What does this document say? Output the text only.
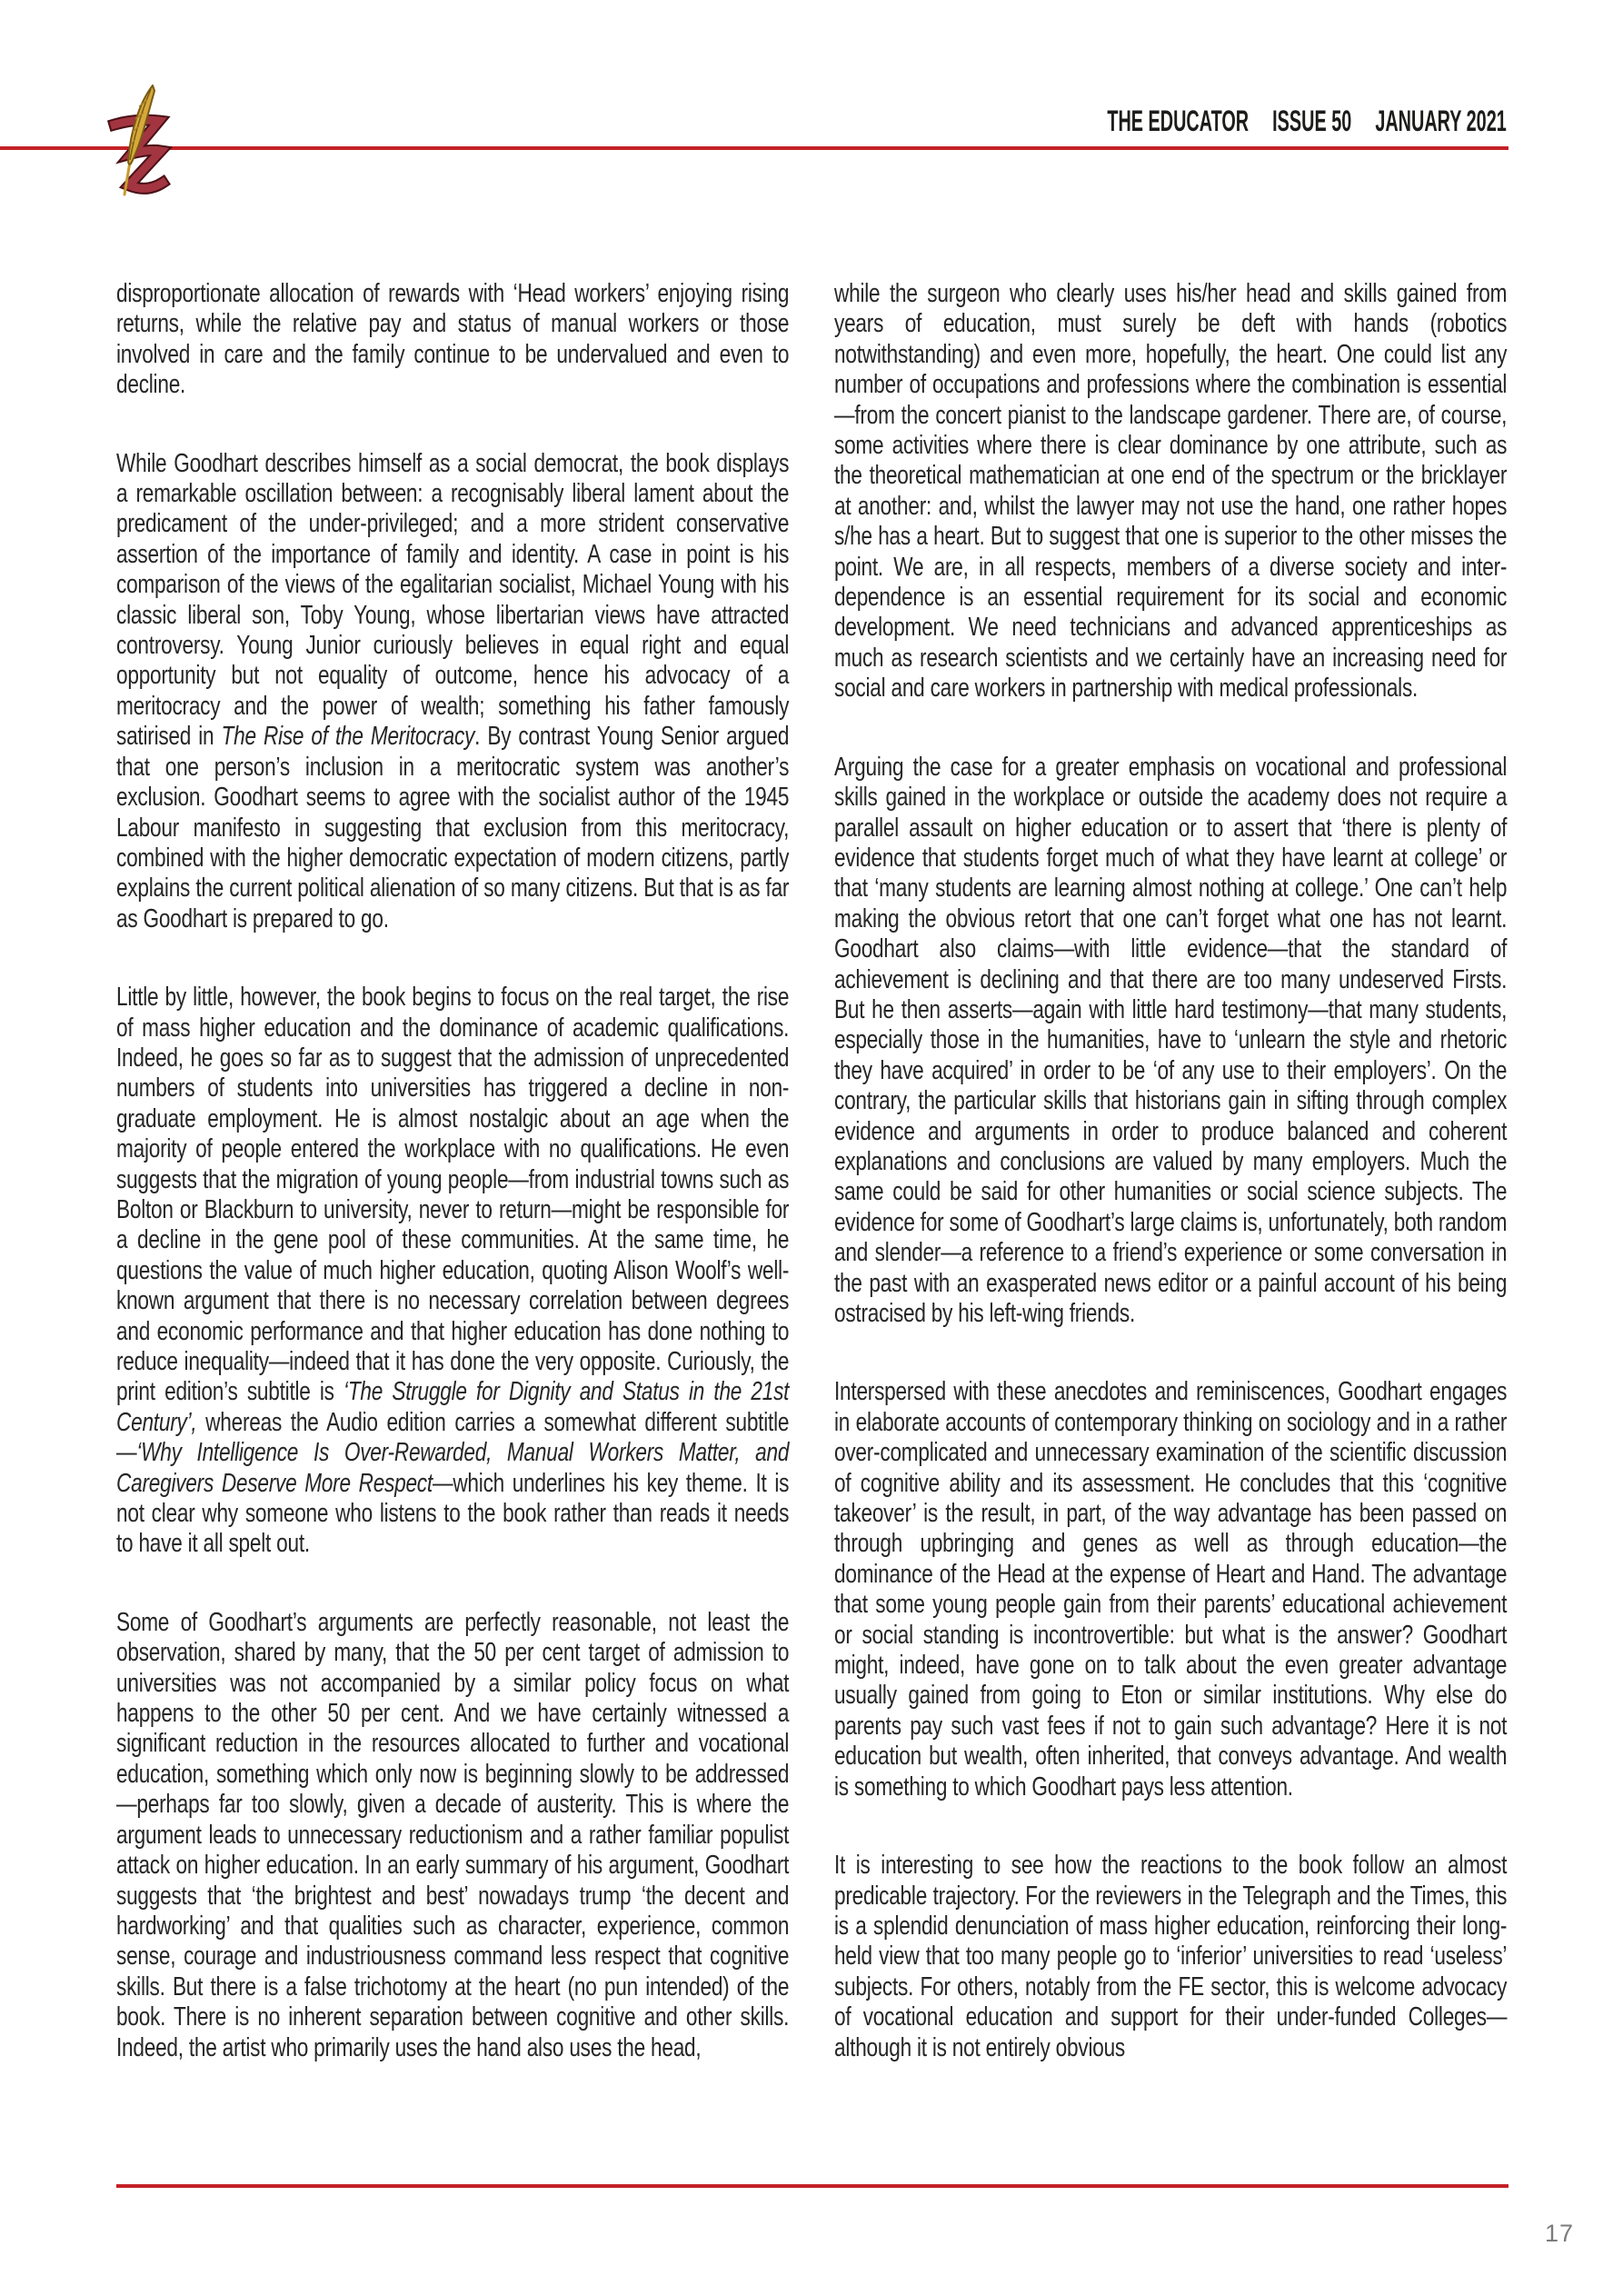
THE EDUCATOR ISSUE 50 JANUARY 2021

disproportionate allocation of rewards with ‘Head workers’ enjoying rising returns, while the relative pay and status of manual workers or those involved in care and the family continue to be undervalued and even to decline.

While Goodhart describes himself as a social democrat, the book displays a remarkable oscillation between: a recognisably liberal lament about the predicament of the under-privileged; and a more strident conservative assertion of the importance of family and identity. A case in point is his comparison of the views of the egalitarian socialist, Michael Young with his classic liberal son, Toby Young, whose libertarian views have attracted controversy. Young Junior curiously believes in equal right and equal opportunity but not equality of outcome, hence his advocacy of a meritocracy and the power of wealth; something his father famously satirised in The Rise of the Meritocracy. By contrast Young Senior argued that one person’s inclusion in a meritocratic system was another’s exclusion. Goodhart seems to agree with the socialist author of the 1945 Labour manifesto in suggesting that exclusion from this meritocracy, combined with the higher democratic expectation of modern citizens, partly explains the current political alienation of so many citizens. But that is as far as Goodhart is prepared to go.

Little by little, however, the book begins to focus on the real target, the rise of mass higher education and the dominance of academic qualifications. Indeed, he goes so far as to suggest that the admission of unprecedented numbers of students into universities has triggered a decline in non-graduate employment. He is almost nostalgic about an age when the majority of people entered the workplace with no qualifications. He even suggests that the migration of young people—from industrial towns such as Bolton or Blackburn to university, never to return—might be responsible for a decline in the gene pool of these communities. At the same time, he questions the value of much higher education, quoting Alison Woolf’s well-known argument that there is no necessary correlation between degrees and economic performance and that higher education has done nothing to reduce inequality—indeed that it has done the very opposite. Curiously, the print edition’s subtitle is ‘The Struggle for Dignity and Status in the 21st Century’, whereas the Audio edition carries a somewhat different subtitle—‘Why Intelligence Is Over-Rewarded, Manual Workers Matter, and Caregivers Deserve More Respect—which underlines his key theme. It is not clear why someone who listens to the book rather than reads it needs to have it all spelt out.

Some of Goodhart’s arguments are perfectly reasonable, not least the observation, shared by many, that the 50 per cent target of admission to universities was not accompanied by a similar policy focus on what happens to the other 50 per cent. And we have certainly witnessed a significant reduction in the resources allocated to further and vocational education, something which only now is beginning slowly to be addressed—perhaps far too slowly, given a decade of austerity. This is where the argument leads to unnecessary reductionism and a rather familiar populist attack on higher education. In an early summary of his argument, Goodhart suggests that ‘the brightest and best’ nowadays trump ‘the decent and hardworking’ and that qualities such as character, experience, common sense, courage and industriousness command less respect that cognitive skills. But there is a false trichotomy at the heart (no pun intended) of the book. There is no inherent separation between cognitive and other skills. Indeed, the artist who primarily uses the hand also uses the head,

while the surgeon who clearly uses his/her head and skills gained from years of education, must surely be deft with hands (robotics notwithstanding) and even more, hopefully, the heart. One could list any number of occupations and professions where the combination is essential—from the concert pianist to the landscape gardener. There are, of course, some activities where there is clear dominance by one attribute, such as the theoretical mathematician at one end of the spectrum or the bricklayer at another: and, whilst the lawyer may not use the hand, one rather hopes s/he has a heart. But to suggest that one is superior to the other misses the point. We are, in all respects, members of a diverse society and inter-dependence is an essential requirement for its social and economic development. We need technicians and advanced apprenticeships as much as research scientists and we certainly have an increasing need for social and care workers in partnership with medical professionals.

Arguing the case for a greater emphasis on vocational and professional skills gained in the workplace or outside the academy does not require a parallel assault on higher education or to assert that ‘there is plenty of evidence that students forget much of what they have learnt at college’ or that ‘many students are learning almost nothing at college.’ One can’t help making the obvious retort that one can’t forget what one has not learnt. Goodhart also claims—with little evidence—that the standard of achievement is declining and that there are too many undeserved Firsts. But he then asserts—again with little hard testimony—that many students, especially those in the humanities, have to ‘unlearn the style and rhetoric they have acquired’ in order to be ‘of any use to their employers’. On the contrary, the particular skills that historians gain in sifting through complex evidence and arguments in order to produce balanced and coherent explanations and conclusions are valued by many employers. Much the same could be said for other humanities or social science subjects. The evidence for some of Goodhart’s large claims is, unfortunately, both random and slender—a reference to a friend’s experience or some conversation in the past with an exasperated news editor or a painful account of his being ostracised by his left-wing friends.

Interspersed with these anecdotes and reminiscences, Goodhart engages in elaborate accounts of contemporary thinking on sociology and in a rather over-complicated and unnecessary examination of the scientific discussion of cognitive ability and its assessment. He concludes that this ‘cognitive takeover’ is the result, in part, of the way advantage has been passed on through upbringing and genes as well as through education—the dominance of the Head at the expense of Heart and Hand. The advantage that some young people gain from their parents’ educational achievement or social standing is incontrovertible: but what is the answer? Goodhart might, indeed, have gone on to talk about the even greater advantage usually gained from going to Eton or similar institutions. Why else do parents pay such vast fees if not to gain such advantage? Here it is not education but wealth, often inherited, that conveys advantage. And wealth is something to which Goodhart pays less attention.

It is interesting to see how the reactions to the book follow an almost predicable trajectory. For the reviewers in the Telegraph and the Times, this is a splendid denunciation of mass higher education, reinforcing their long-held view that too many people go to ‘inferior’ universities to read ‘useless’ subjects. For others, notably from the FE sector, this is welcome advocacy of vocational education and support for their under-funded Colleges—although it is not entirely obvious

17
